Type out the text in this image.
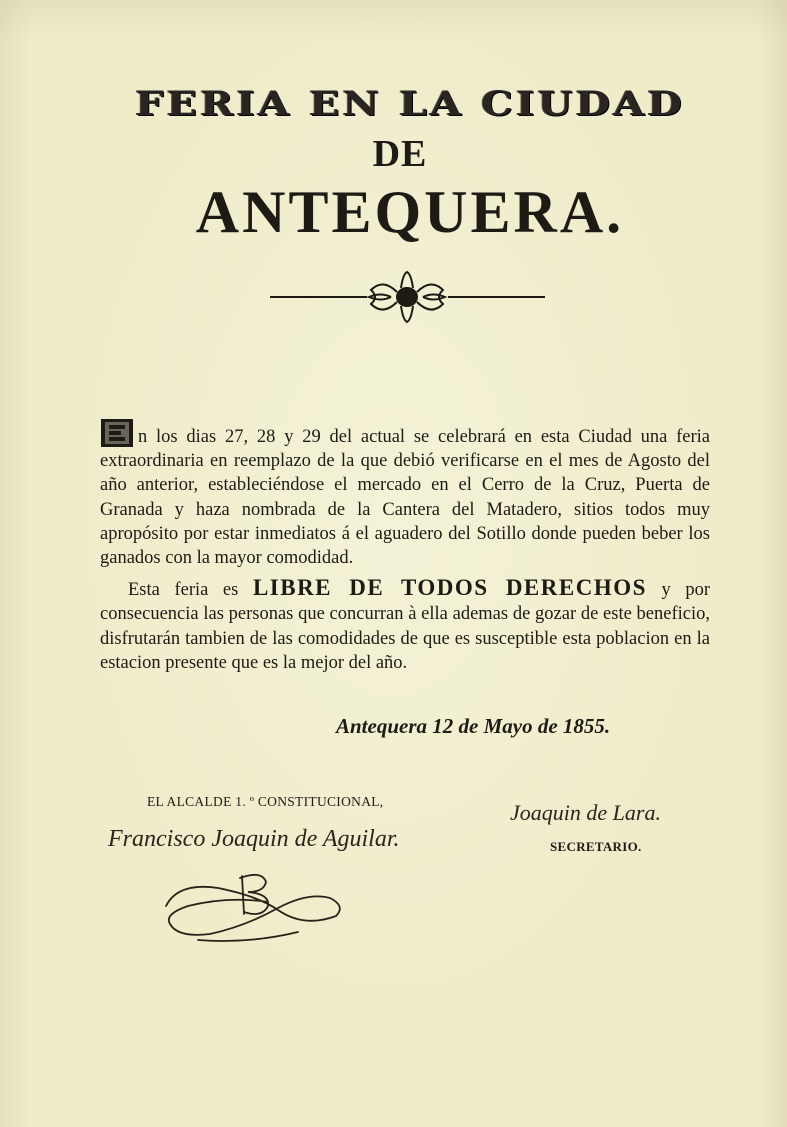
FERIA EN LA CIUDAD
DE
ANTEQUERA.

n los dias 27, 28 y 29 del actual se celebrará en esta Ciudad una feria extraordinaria en reemplazo de la que debió verificarse en el mes de Agosto del año anterior, estableciéndose el mercado en el Cerro de la Cruz, Puerta de Granada y haza nombrada de la Cantera del Matadero, sitios todos muy apropósito por estar inmediatos á el aguadero del Sotillo donde pueden beber los ganados con la mayor comodidad.

Esta feria es LIBRE DE TODOS DERECHOS y por consecuencia las personas que concurran à ella ademas de gozar de este beneficio, disfrutarán tambien de las comodidades de que es susceptible esta poblacion en la estacion presente que es la mejor del año.

Antequera 12 de Mayo de 1855.
EL ALCALDE 1. º CONSTITUCIONAL,
Francisco Joaquin de Aguilar.
Joaquin de Lara.
SECRETARIO.
